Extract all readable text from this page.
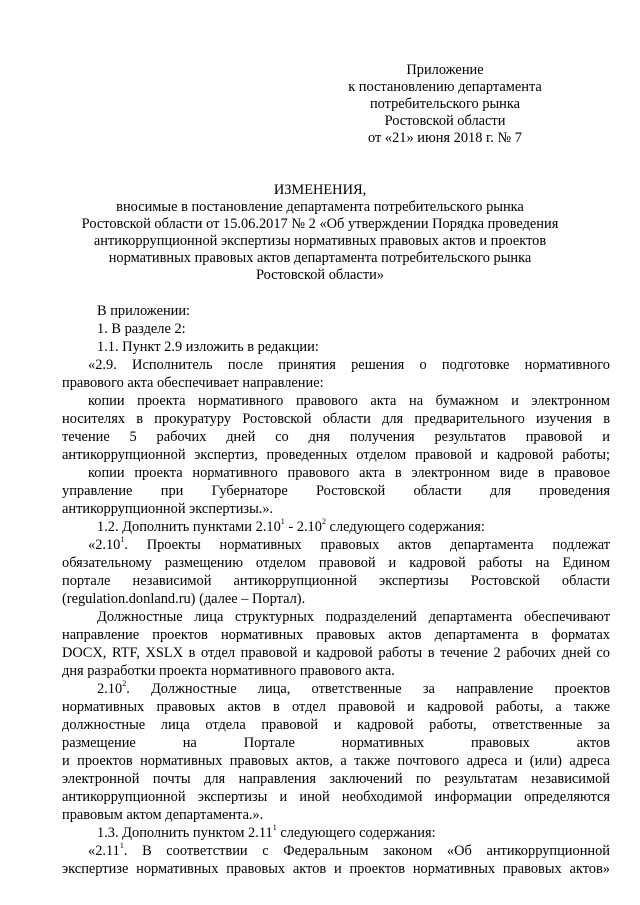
Приложение
к постановлению департамента
потребительского рынка
Ростовской области
от «21» июня 2018 г. № 7
ИЗМЕНЕНИЯ,
вносимые в постановление департамента потребительского рынка
Ростовской области от 15.06.2017 № 2 «Об утверждении Порядка проведения
антикоррупционной экспертизы нормативных правовых актов и проектов
нормативных правовых актов департамента потребительского рынка
Ростовской области»
В приложении:
1. В разделе 2:
1.1. Пункт 2.9 изложить в редакции:
«2.9. Исполнитель после принятия решения о подготовке нормативного
правового акта обеспечивает направление:
копии проекта нормативного правового акта на бумажном и электронном
носителях в прокуратуру Ростовской области для предварительного изучения в
течение 5 рабочих дней со дня получения результатов правовой и
антикоррупционной экспертиз, проведенных отделом правовой и кадровой работы;
копии проекта нормативного правового акта в электронном виде в правовое
управление при Губернаторе Ростовской области для проведения
антикоррупционной экспертизы.».
1.2. Дополнить пунктами 2.10$^1$ - 2.10$^2$ следующего содержания:
«2.10$^1$. Проекты нормативных правовых актов департамента подлежат
обязательному размещению отделом правовой и кадровой работы на Едином
портале независимой антикоррупционной экспертизы Ростовской области
(regulation.donland.ru) (далее – Портал).
Должностные лица структурных подразделений департамента обеспечивают
направление проектов нормативных правовых актов департамента в форматах
DOCX, RTF, XSLX в отдел правовой и кадровой работы в течение 2 рабочих дней со
дня разработки проекта нормативного правового акта.
2.10$^2$. Должностные лица, ответственные за направление проектов
нормативных правовых актов в отдел правовой и кадровой работы, а также
должностные лица отдела правовой и кадровой работы, ответственные за
размещение на Портале нормативных правовых актов
и проектов нормативных правовых актов, а также почтового адреса и (или) адреса
электронной почты для направления заключений по результатам независимой
антикоррупционной экспертизы и иной необходимой информации определяются
правовым актом департамента.».
1.3. Дополнить пунктом 2.11$^1$ следующего содержания:
«2.11$^1$. В соответствии с Федеральным законом «Об антикоррупционной
экспертизе нормативных правовых актов и проектов нормативных правовых актов»
